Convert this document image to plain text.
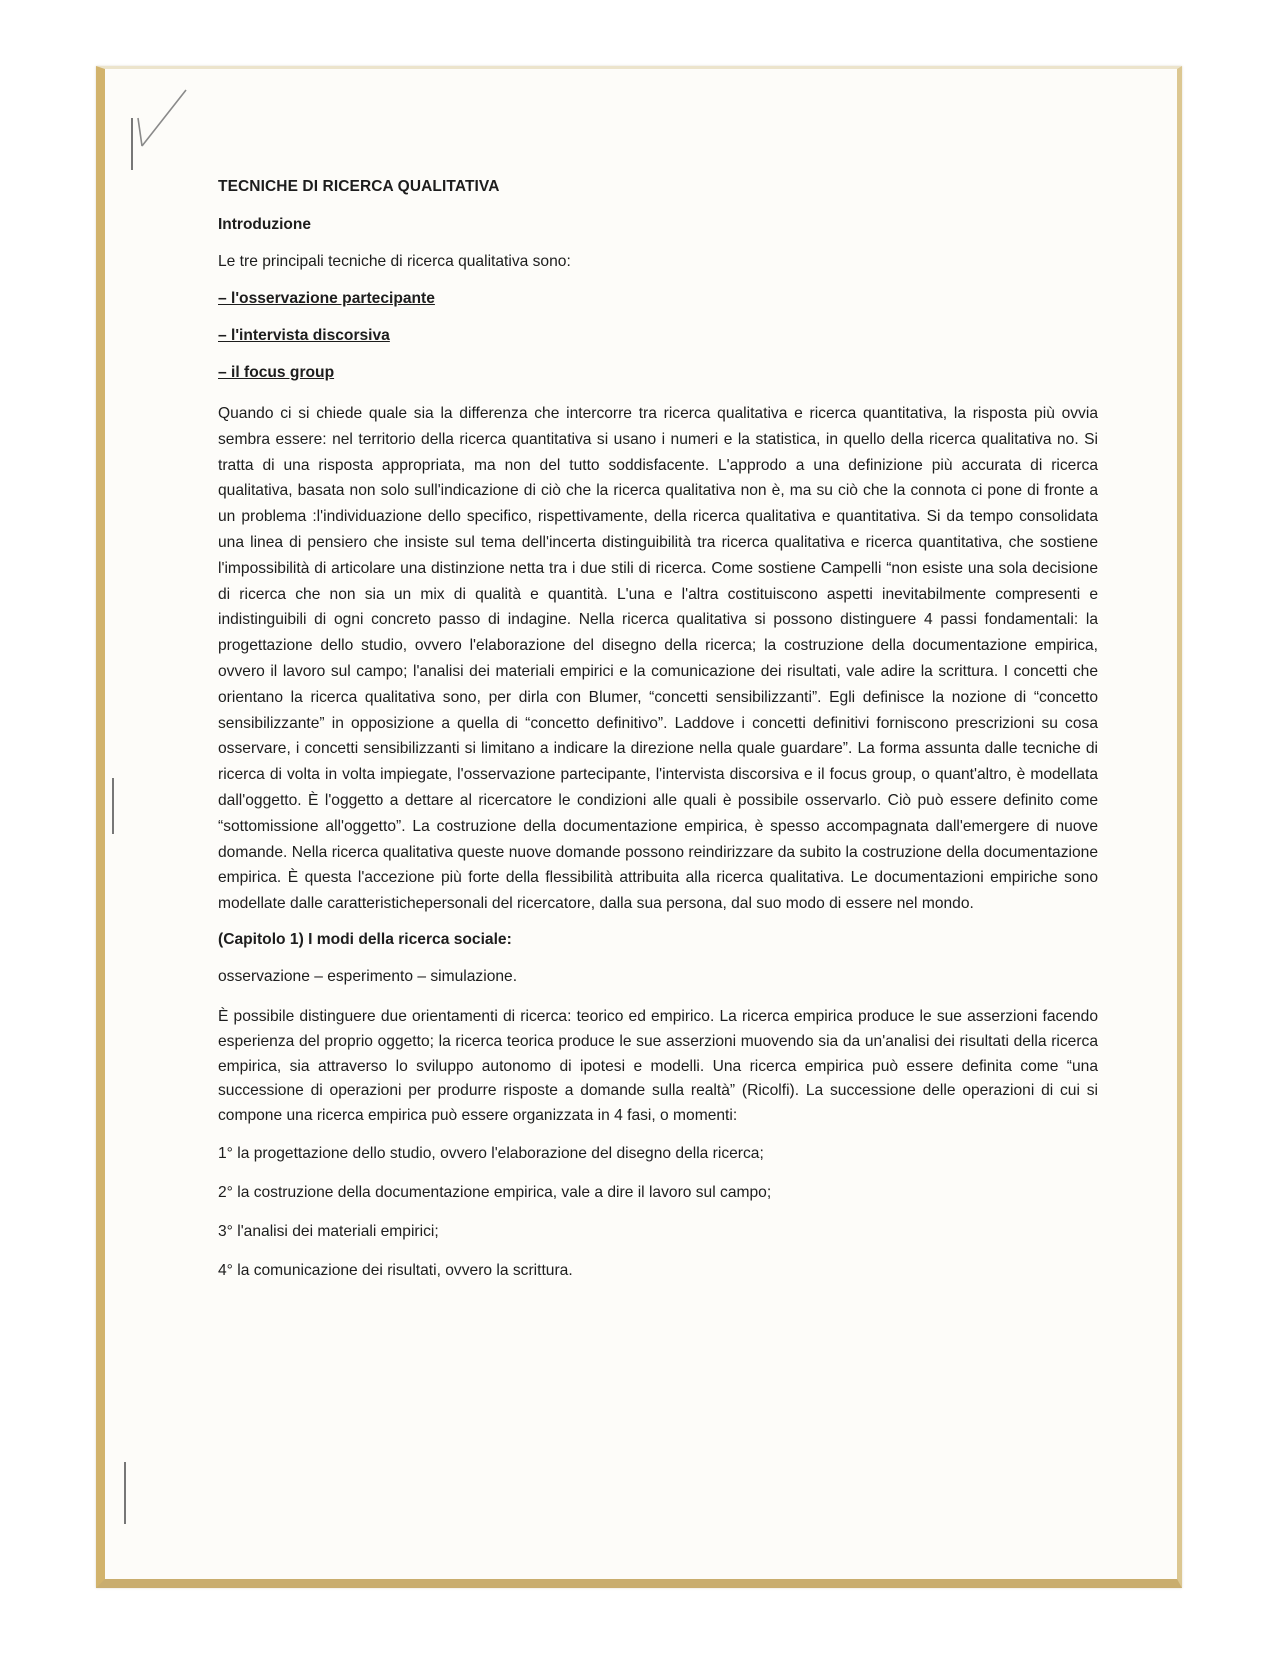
TECNICHE DI RICERCA QUALITATIVA
Introduzione
Le tre principali tecniche di ricerca qualitativa sono:
– l'osservazione partecipante
– l'intervista discorsiva
– il focus group

Quando ci si chiede quale sia la differenza che intercorre tra ricerca qualitativa e ricerca quantitativa, la risposta più ovvia sembra essere: nel territorio della ricerca quantitativa si usano i numeri e la statistica, in quello della ricerca qualitativa no. Si tratta di una risposta appropriata, ma non del tutto soddisfacente. L'approdo a una definizione più accurata di ricerca qualitativa, basata non solo sull'indicazione di ciò che la ricerca qualitativa non è, ma su ciò che la connota ci pone di fronte a un problema :l'individuazione dello specifico, rispettivamente, della ricerca qualitativa e quantitativa. Si da tempo consolidata una linea di pensiero che insiste sul tema dell'incerta distinguibilità tra ricerca qualitativa e ricerca quantitativa, che sostiene l'impossibilità di articolare una distinzione netta tra i due stili di ricerca. Come sostiene Campelli “non esiste una sola decisione di ricerca che non sia un mix di qualità e quantità. L'una e l'altra costituiscono aspetti inevitabilmente compresenti e indistinguibili di ogni concreto passo di indagine. Nella ricerca qualitativa si possono distinguere 4 passi fondamentali: la progettazione dello studio, ovvero l'elaborazione del disegno della ricerca; la costruzione della documentazione empirica, ovvero il lavoro sul campo; l'analisi dei materiali empirici e la comunicazione dei risultati, vale adire la scrittura. I concetti che orientano la ricerca qualitativa sono, per dirla con Blumer, “concetti sensibilizzanti”. Egli definisce la nozione di “concetto sensibilizzante” in opposizione a quella di “concetto definitivo”. Laddove i concetti definitivi forniscono prescrizioni su cosa osservare, i concetti sensibilizzanti si limitano a indicare la direzione nella quale guardare”. La forma assunta dalle tecniche di ricerca di volta in volta impiegate, l'osservazione partecipante, l'intervista discorsiva e il focus group, o quant'altro, è modellata dall'oggetto. È l'oggetto a dettare al ricercatore le condizioni alle quali è possibile osservarlo. Ciò può essere definito come “sottomissione all'oggetto”. La costruzione della documentazione empirica, è spesso accompagnata dall'emergere di nuove domande. Nella ricerca qualitativa queste nuove domande possono reindirizzare da subito la costruzione della documentazione empirica. È questa l'accezione più forte della flessibilità attribuita alla ricerca qualitativa. Le documentazioni empiriche sono modellate dalle caratteristichepersonali del ricercatore, dalla sua persona, dal suo modo di essere nel mondo.

(Capitolo 1) I modi della ricerca sociale:
osservazione – esperimento – simulazione.

È possibile distinguere due orientamenti di ricerca: teorico ed empirico. La ricerca empirica produce le sue asserzioni facendo esperienza del proprio oggetto; la ricerca teorica produce le sue asserzioni muovendo sia da un'analisi dei risultati della ricerca empirica, sia attraverso lo sviluppo autonomo di ipotesi e modelli. Una ricerca empirica può essere definita come “una successione di operazioni per produrre risposte a domande sulla realtà” (Ricolfi). La successione delle operazioni di cui si compone una ricerca empirica può essere organizzata in 4 fasi, o momenti:

1° la progettazione dello studio, ovvero l'elaborazione del disegno della ricerca;
2° la costruzione della documentazione empirica, vale a dire il lavoro sul campo;
3° l'analisi dei materiali empirici;
4° la comunicazione dei risultati, ovvero la scrittura.
